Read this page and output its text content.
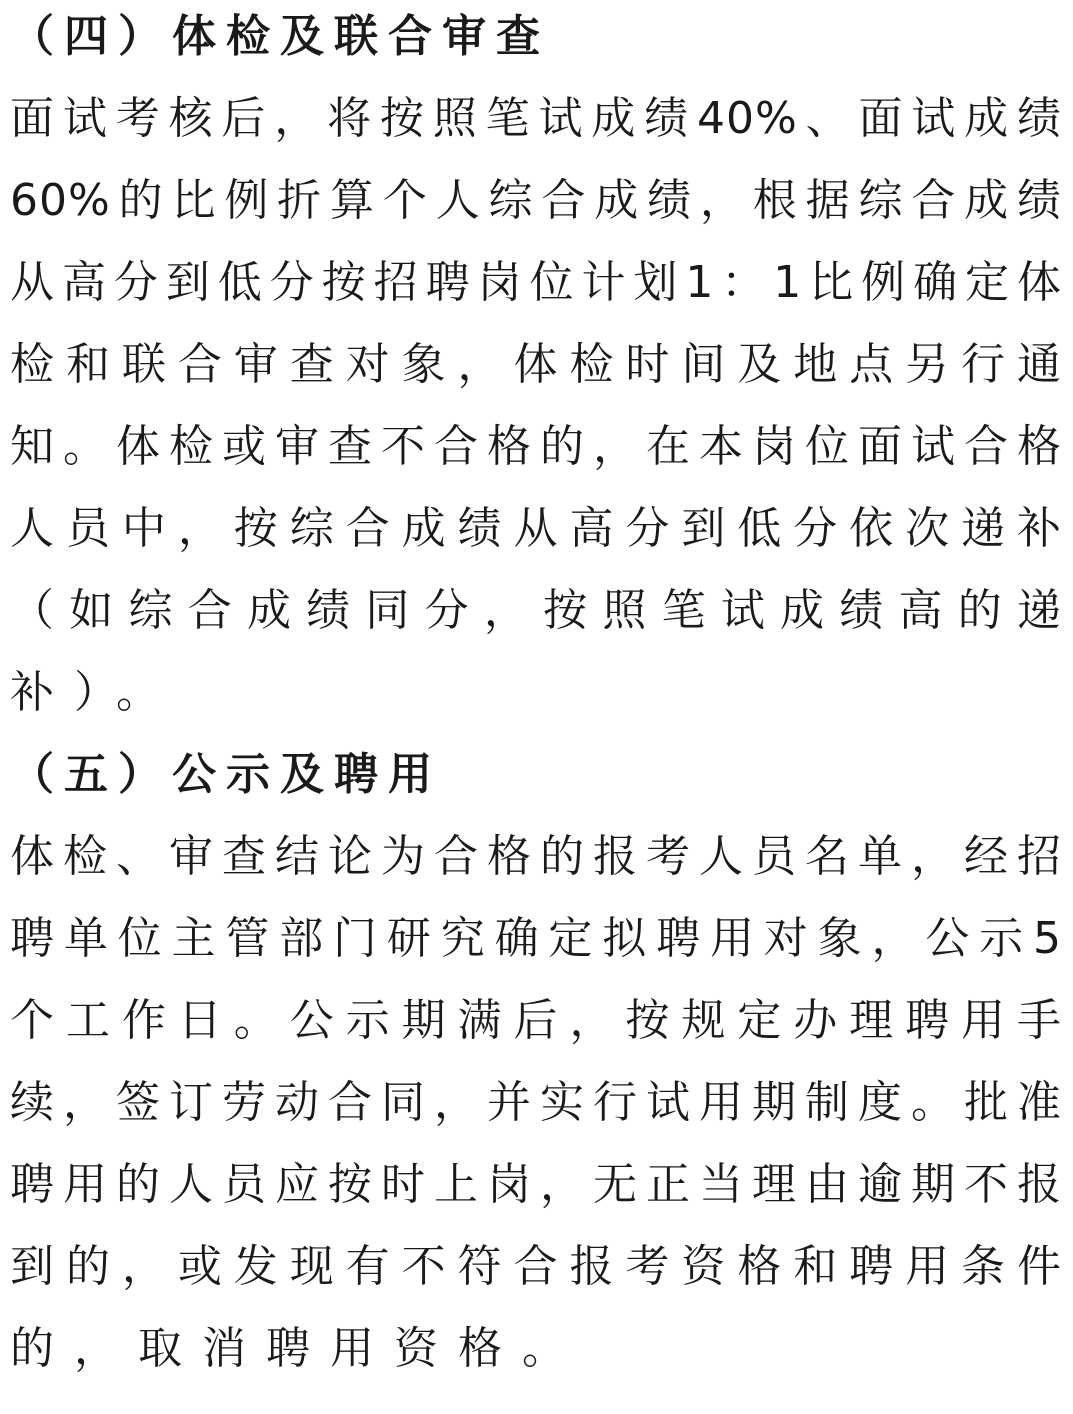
（四）体检及联合审查
面试考核后，将按照笔试成绩40%、面试成绩
60%的比例折算个人综合成绩，根据综合成绩
从高分到低分按招聘岗位计划1：1比例确定体
检和联合审查对象，体检时间及地点另行通
知。体检或审查不合格的，在本岗位面试合格
人员中，按综合成绩从高分到低分依次递补
（如综合成绩同分，按照笔试成绩高的递
补）。
（五）公示及聘用
体检、审查结论为合格的报考人员名单，经招
聘单位主管部门研究确定拟聘用对象，公示5
个工作日。公示期满后，按规定办理聘用手
续，签订劳动合同，并实行试用期制度。批准
聘用的人员应按时上岗，无正当理由逾期不报
到的，或发现有不符合报考资格和聘用条件
的，取消聘用资格。
